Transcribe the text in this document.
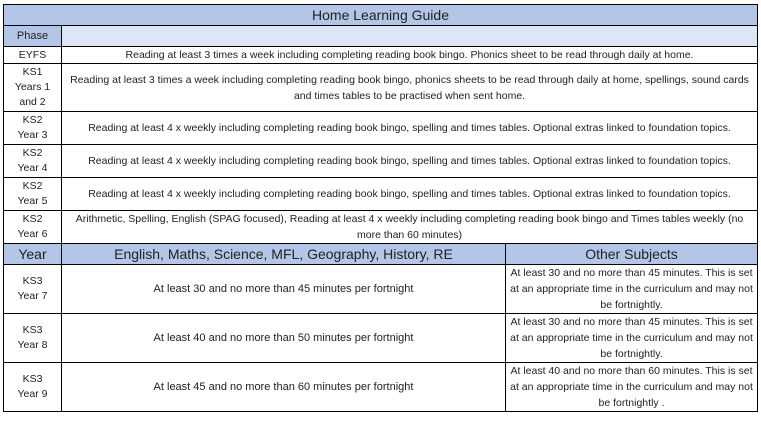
Home Learning Guide		
Phase		

EYFS	Reading at least 3 times a week including completing reading book bingo. Phonics sheet to be read through daily at home.	

KS1
Years 1
and 2	Reading at least 3 times a week including completing reading book bingo, phonics sheets to be read through daily at home, spellings, sound cards and times tables to be practised when sent home.	

KS2
Year 3	Reading at least 4 x weekly including completing reading book bingo, spelling and times tables. Optional extras linked to foundation topics.	

KS2
Year 4	Reading at least 4 x weekly including completing reading book bingo, spelling and times tables. Optional extras linked to foundation topics.	

KS2
Year 5	Reading at least 4 x weekly including completing reading book bingo, spelling and times tables. Optional extras linked to foundation topics.	

KS2
Year 6	Arithmetic, Spelling, English (SPAG focused), Reading at least 4 x weekly including completing reading book bingo and Times tables weekly (no more than 60 minutes)	
Year	English, Maths, Science, MFL, Geography, History, RE	Other Subjects

KS3
Year 7	At least 30 and no more than 45 minutes per fortnight	At least 30 and no more than 45 minutes. This is set at an appropriate time in the curriculum and may not be fortnightly.

KS3
Year 8	At least 40 and no more than 50 minutes per fortnight	At least 30 and no more than 45 minutes. This is set at an appropriate time in the curriculum and may not be fortnightly.

KS3
Year 9	At least 45 and no more than 60 minutes per fortnight	At least 40 and no more than 60 minutes. This is set at an appropriate time in the curriculum and may not be fortnightly .
